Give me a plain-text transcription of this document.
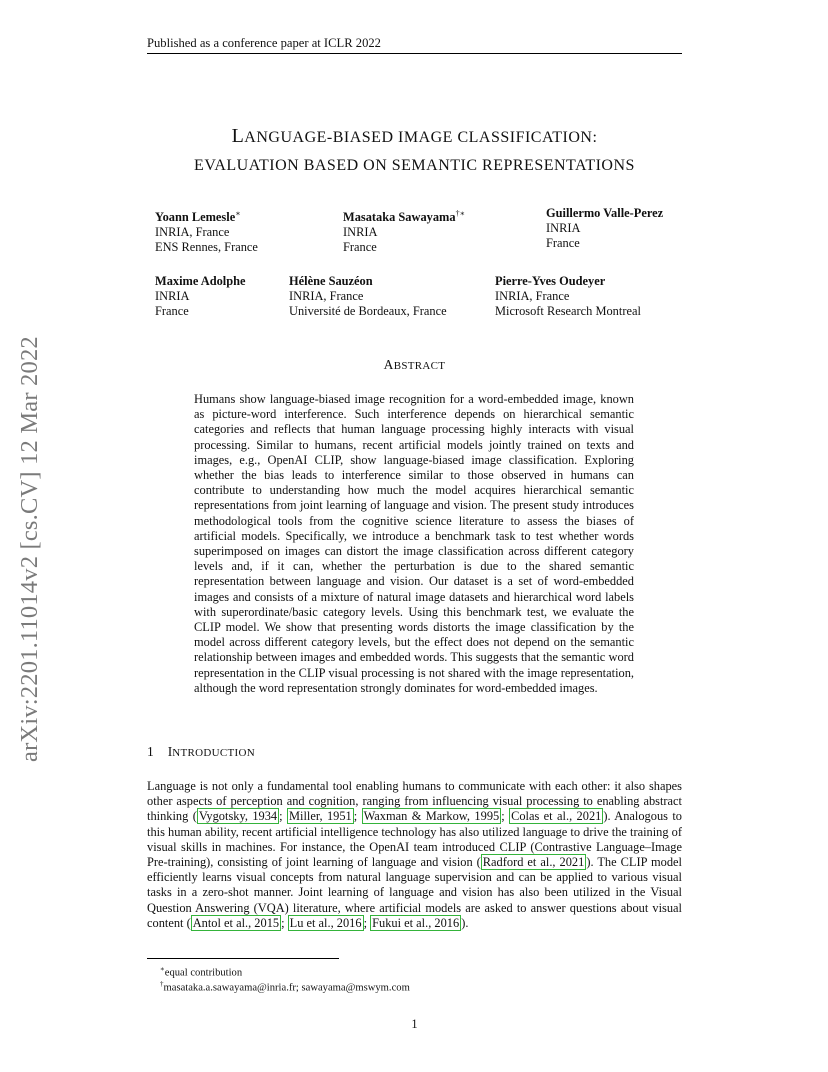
Published as a conference paper at ICLR 2022
LANGUAGE-BIASED IMAGE CLASSIFICATION:
EVALUATION BASED ON SEMANTIC REPRESENTATIONS
Yoann Lemesle∗
INRIA, France
ENS Rennes, France
Masataka Sawayama†∗
INRIA
France
Guillermo Valle-Perez
INRIA
France
Maxime Adolphe
INRIA
France
Hélène Sauzéon
INRIA, France
Université de Bordeaux, France
Pierre-Yves Oudeyer
INRIA, France
Microsoft Research Montreal
ABSTRACT
Humans show language-biased image recognition for a word-embedded image, known as picture-word interference. Such interference depends on hierarchical semantic categories and reflects that human language processing highly interacts with visual processing. Similar to humans, recent artificial models jointly trained on texts and images, e.g., OpenAI CLIP, show language-biased image classification. Exploring whether the bias leads to interference similar to those observed in humans can contribute to understanding how much the model acquires hierarchical semantic representations from joint learning of language and vision. The present study introduces methodological tools from the cognitive science literature to assess the biases of artificial models. Specifically, we introduce a benchmark task to test whether words superimposed on images can distort the image classification across different category levels and, if it can, whether the perturbation is due to the shared semantic representation between language and vision. Our dataset is a set of word-embedded images and consists of a mixture of natural image datasets and hierarchical word labels with superordinate/basic category levels. Using this benchmark test, we evaluate the CLIP model. We show that presenting words distorts the image classification by the model across different category levels, but the effect does not depend on the semantic relationship between images and embedded words. This suggests that the semantic word representation in the CLIP visual processing is not shared with the image representation, although the word representation strongly dominates for word-embedded images.
1 INTRODUCTION
Language is not only a fundamental tool enabling humans to communicate with each other: it also shapes other aspects of perception and cognition, ranging from influencing visual processing to enabling abstract thinking ( Vygotsky, 1934 ; Miller, 1951 ; Waxman & Markow, 1995 ; Colas et al., 2021 ). Analogous to this human ability, recent artificial intelligence technology has also utilized language to drive the training of visual skills in machines. For instance, the OpenAI team introduced CLIP (Contrastive Language–Image Pre-training), consisting of joint learning of language and vision ( Radford et al., 2021 ). The CLIP model efficiently learns visual concepts from natural language supervision and can be applied to various visual tasks in a zero-shot manner. Joint learning of language and vision has also been utilized in the Visual Question Answering (VQA) literature, where artificial models are asked to answer questions about visual content ( Antol et al., 2015 ; Lu et al., 2016 ; Fukui et al., 2016 ).
∗equal contribution
†masataka.a.sawayama@inria.fr; sawayama@mswym.com
1
arXiv:2201.11014v2 [cs.CV] 12 Mar 2022
